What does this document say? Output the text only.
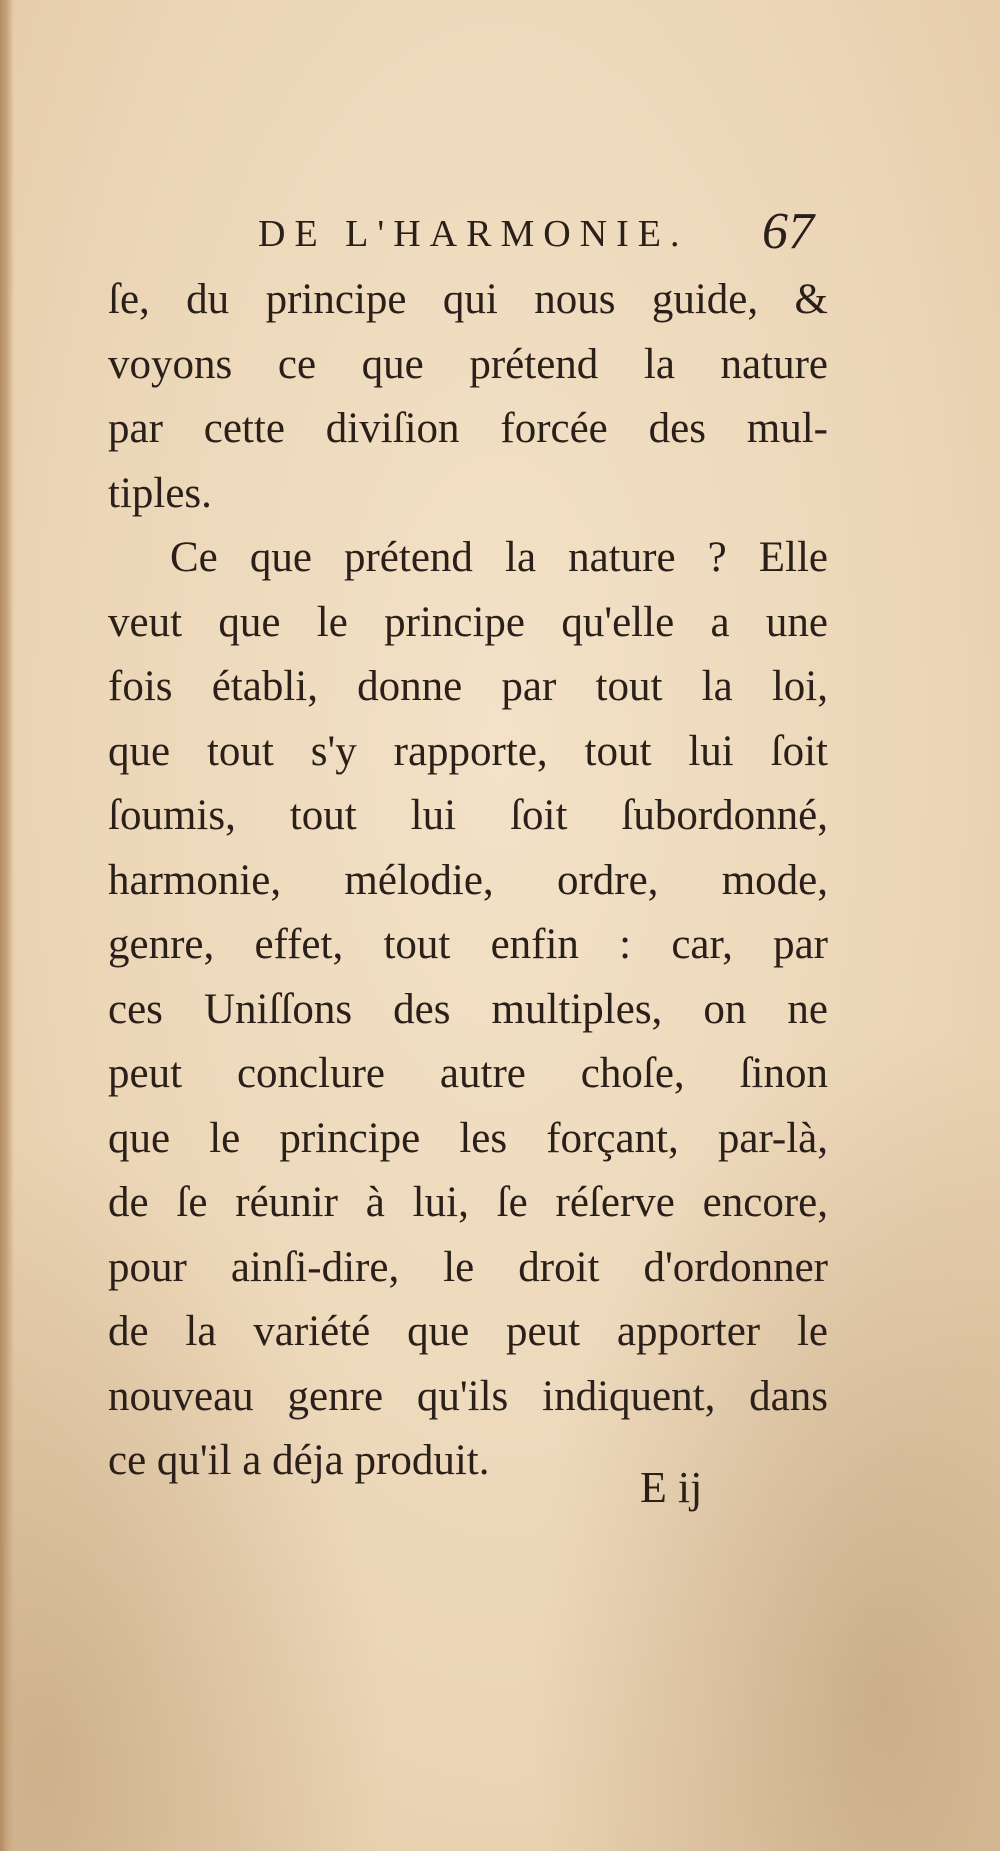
DE L'HARMONIE. 67
ſe, du principe qui nous guide, &
voyons ce que prétend la nature
par cette diviſion forcée des mul-
tiples.
Ce que prétend la nature ? Elle
veut que le principe qu'elle a une
fois établi, donne par tout la loi,
que tout s'y rapporte, tout lui ſoit
ſoumis, tout lui ſoit ſubordonné,
harmonie, mélodie, ordre, mode,
genre, effet, tout enfin : car, par
ces Uniſſons des multiples, on ne
peut conclure autre choſe, ſinon
que le principe les forçant, par-là,
de ſe réunir à lui, ſe réſerve encore,
pour ainſi-dire, le droit d'ordonner
de la variété que peut apporter le
nouveau genre qu'ils indiquent, dans
ce qu'il a déja produit.
E ij
